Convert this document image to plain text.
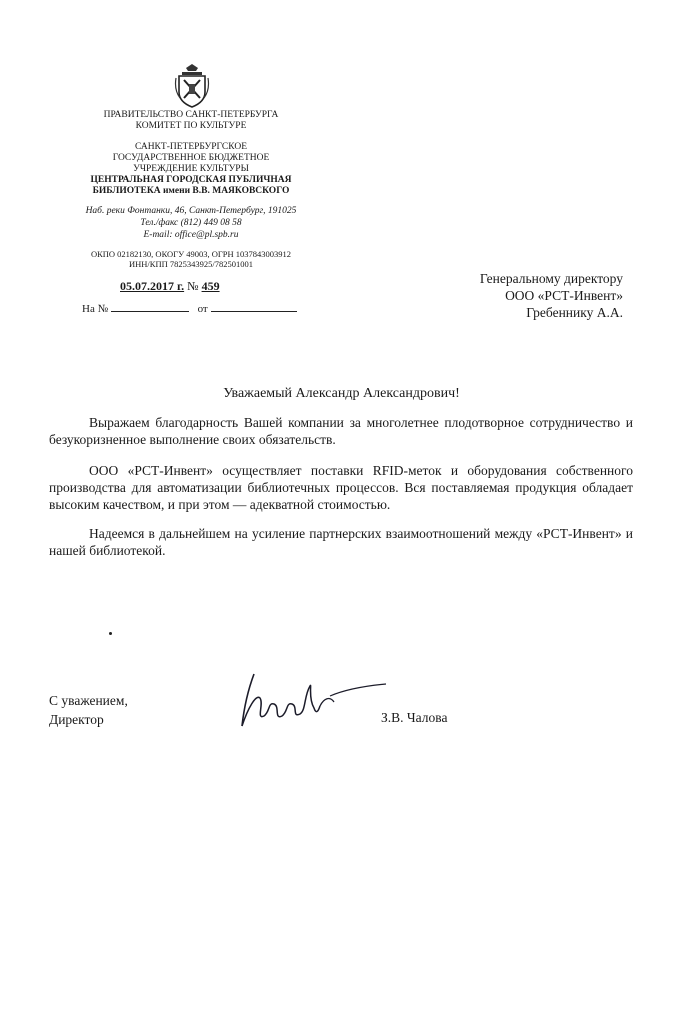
ПРАВИТЕЛЬСТВО САНКТ-ПЕТЕРБУРГА
КОМИТЕТ ПО КУЛЬТУРЕ
САНКТ-ПЕТЕРБУРГСКОЕ
ГОСУДАРСТВЕННОЕ БЮДЖЕТНОЕ
УЧРЕЖДЕНИЕ КУЛЬТУРЫ
ЦЕНТРАЛЬНАЯ ГОРОДСКАЯ ПУБЛИЧНАЯ
БИБЛИОТЕКА имени В.В. МАЯКОВСКОГО
Наб. реки Фонтанки, 46, Санкт-Петербург, 191025
Тел./факс (812) 449 08 58
E-mail: office@pl.spb.ru
ОКПО 02182130, ОКОГУ 49003, ОГРН 1037843003912
ИНН/КПП 7825343925/782501001
05.07.2017 г. № 459
На №	от
Генеральному директору
ООО «РСТ-Инвент»
Гребеннику А.А.
Уважаемый Александр Александрович!

Выражаем благодарность Вашей компании за многолетнее плодотворное сотрудничество и безукоризненное выполнение своих обязательств.

ООО «РСТ-Инвент» осуществляет поставки RFID-меток и оборудования собственного производства для автоматизации библиотечных процессов. Вся поставляемая продукция обладает высоким качеством, и при этом — адекватной стоимостью.

Надеемся в дальнейшем на усиление партнерских взаимоотношений между «РСТ-Инвент» и нашей библиотекой.

С уважением,
Директор	З.В. Чалова
